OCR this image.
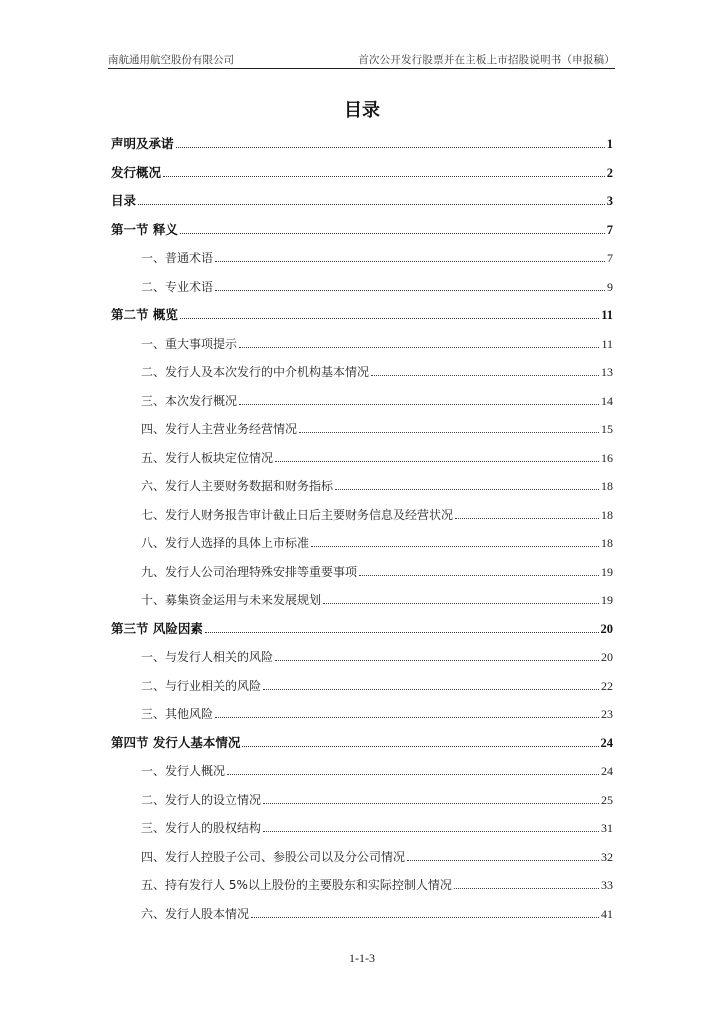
南航通用航空股份有限公司	首次公开发行股票并在主板上市招股说明书（申报稿）
目录
声明及承诺	1
发行概况	2
目录	3
第一节 释义	7
一、普通术语	7
二、专业术语	9
第二节 概览	11
一、重大事项提示	11
二、发行人及本次发行的中介机构基本情况	13
三、本次发行概况	14
四、发行人主营业务经营情况	15
五、发行人板块定位情况	16
六、发行人主要财务数据和财务指标	18
七、发行人财务报告审计截止日后主要财务信息及经营状况	18
八、发行人选择的具体上市标准	18
九、发行人公司治理特殊安排等重要事项	19
十、募集资金运用与未来发展规划	19
第三节 风险因素	20
一、与发行人相关的风险	20
二、与行业相关的风险	22
三、其他风险	23
第四节 发行人基本情况	24
一、发行人概况	24
二、发行人的设立情况	25
三、发行人的股权结构	31
四、发行人控股子公司、参股公司以及分公司情况	32
五、持有发行人 5%以上股份的主要股东和实际控制人情况	33
六、发行人股本情况	41
1-1-3
